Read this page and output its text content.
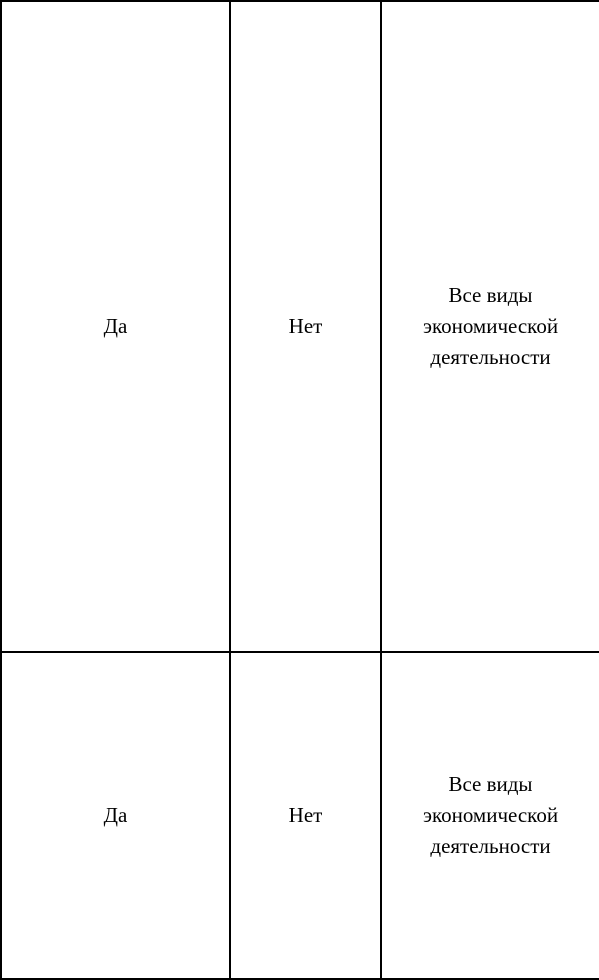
Да	Нет	Все виды
экономической
деятельности
Да	Нет	Все виды
экономической
деятельности
